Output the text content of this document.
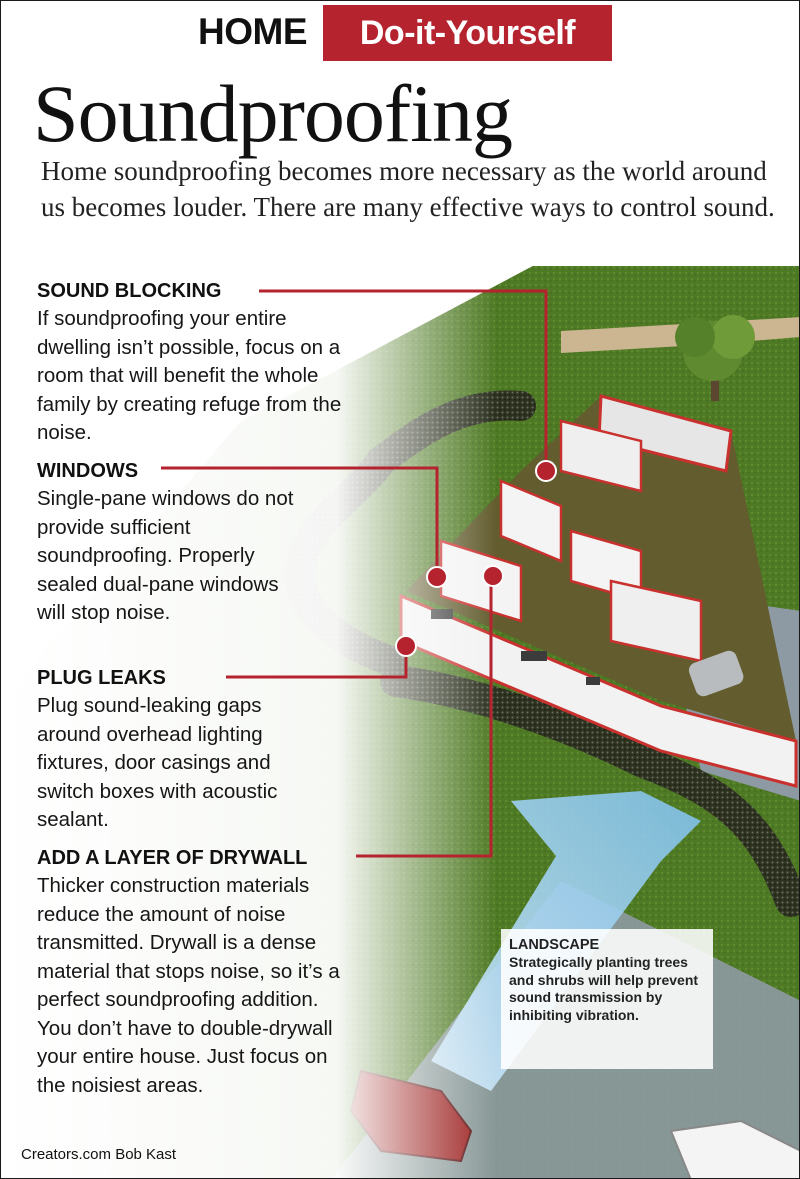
HOME	Do-it-Yourself
Soundproofing
Home soundproofing becomes more necessary as the world around us becomes louder. There are many effective ways to control sound.
SOUND BLOCKING

If soundproofing your entire dwelling isn’t possible, focus on a room that will benefit the whole family by creating refuge from the noise.

WINDOWS

Single-pane windows do not provide sufficient soundproofing. Properly sealed dual-pane windows will stop noise.

PLUG LEAKS

Plug sound-leaking gaps around overhead lighting fixtures, door casings and switch boxes with acoustic sealant.

ADD A LAYER OF DRYWALL

Thicker construction materials reduce the amount of noise transmitted. Drywall is a dense material that stops noise, so it’s a perfect soundproofing addition. You don’t have to double-drywall your entire house. Just focus on the noisiest areas.

LANDSCAPE

Strategically planting trees and shrubs will help prevent sound transmission by inhibiting vibration.

Creators.com Bob Kast
